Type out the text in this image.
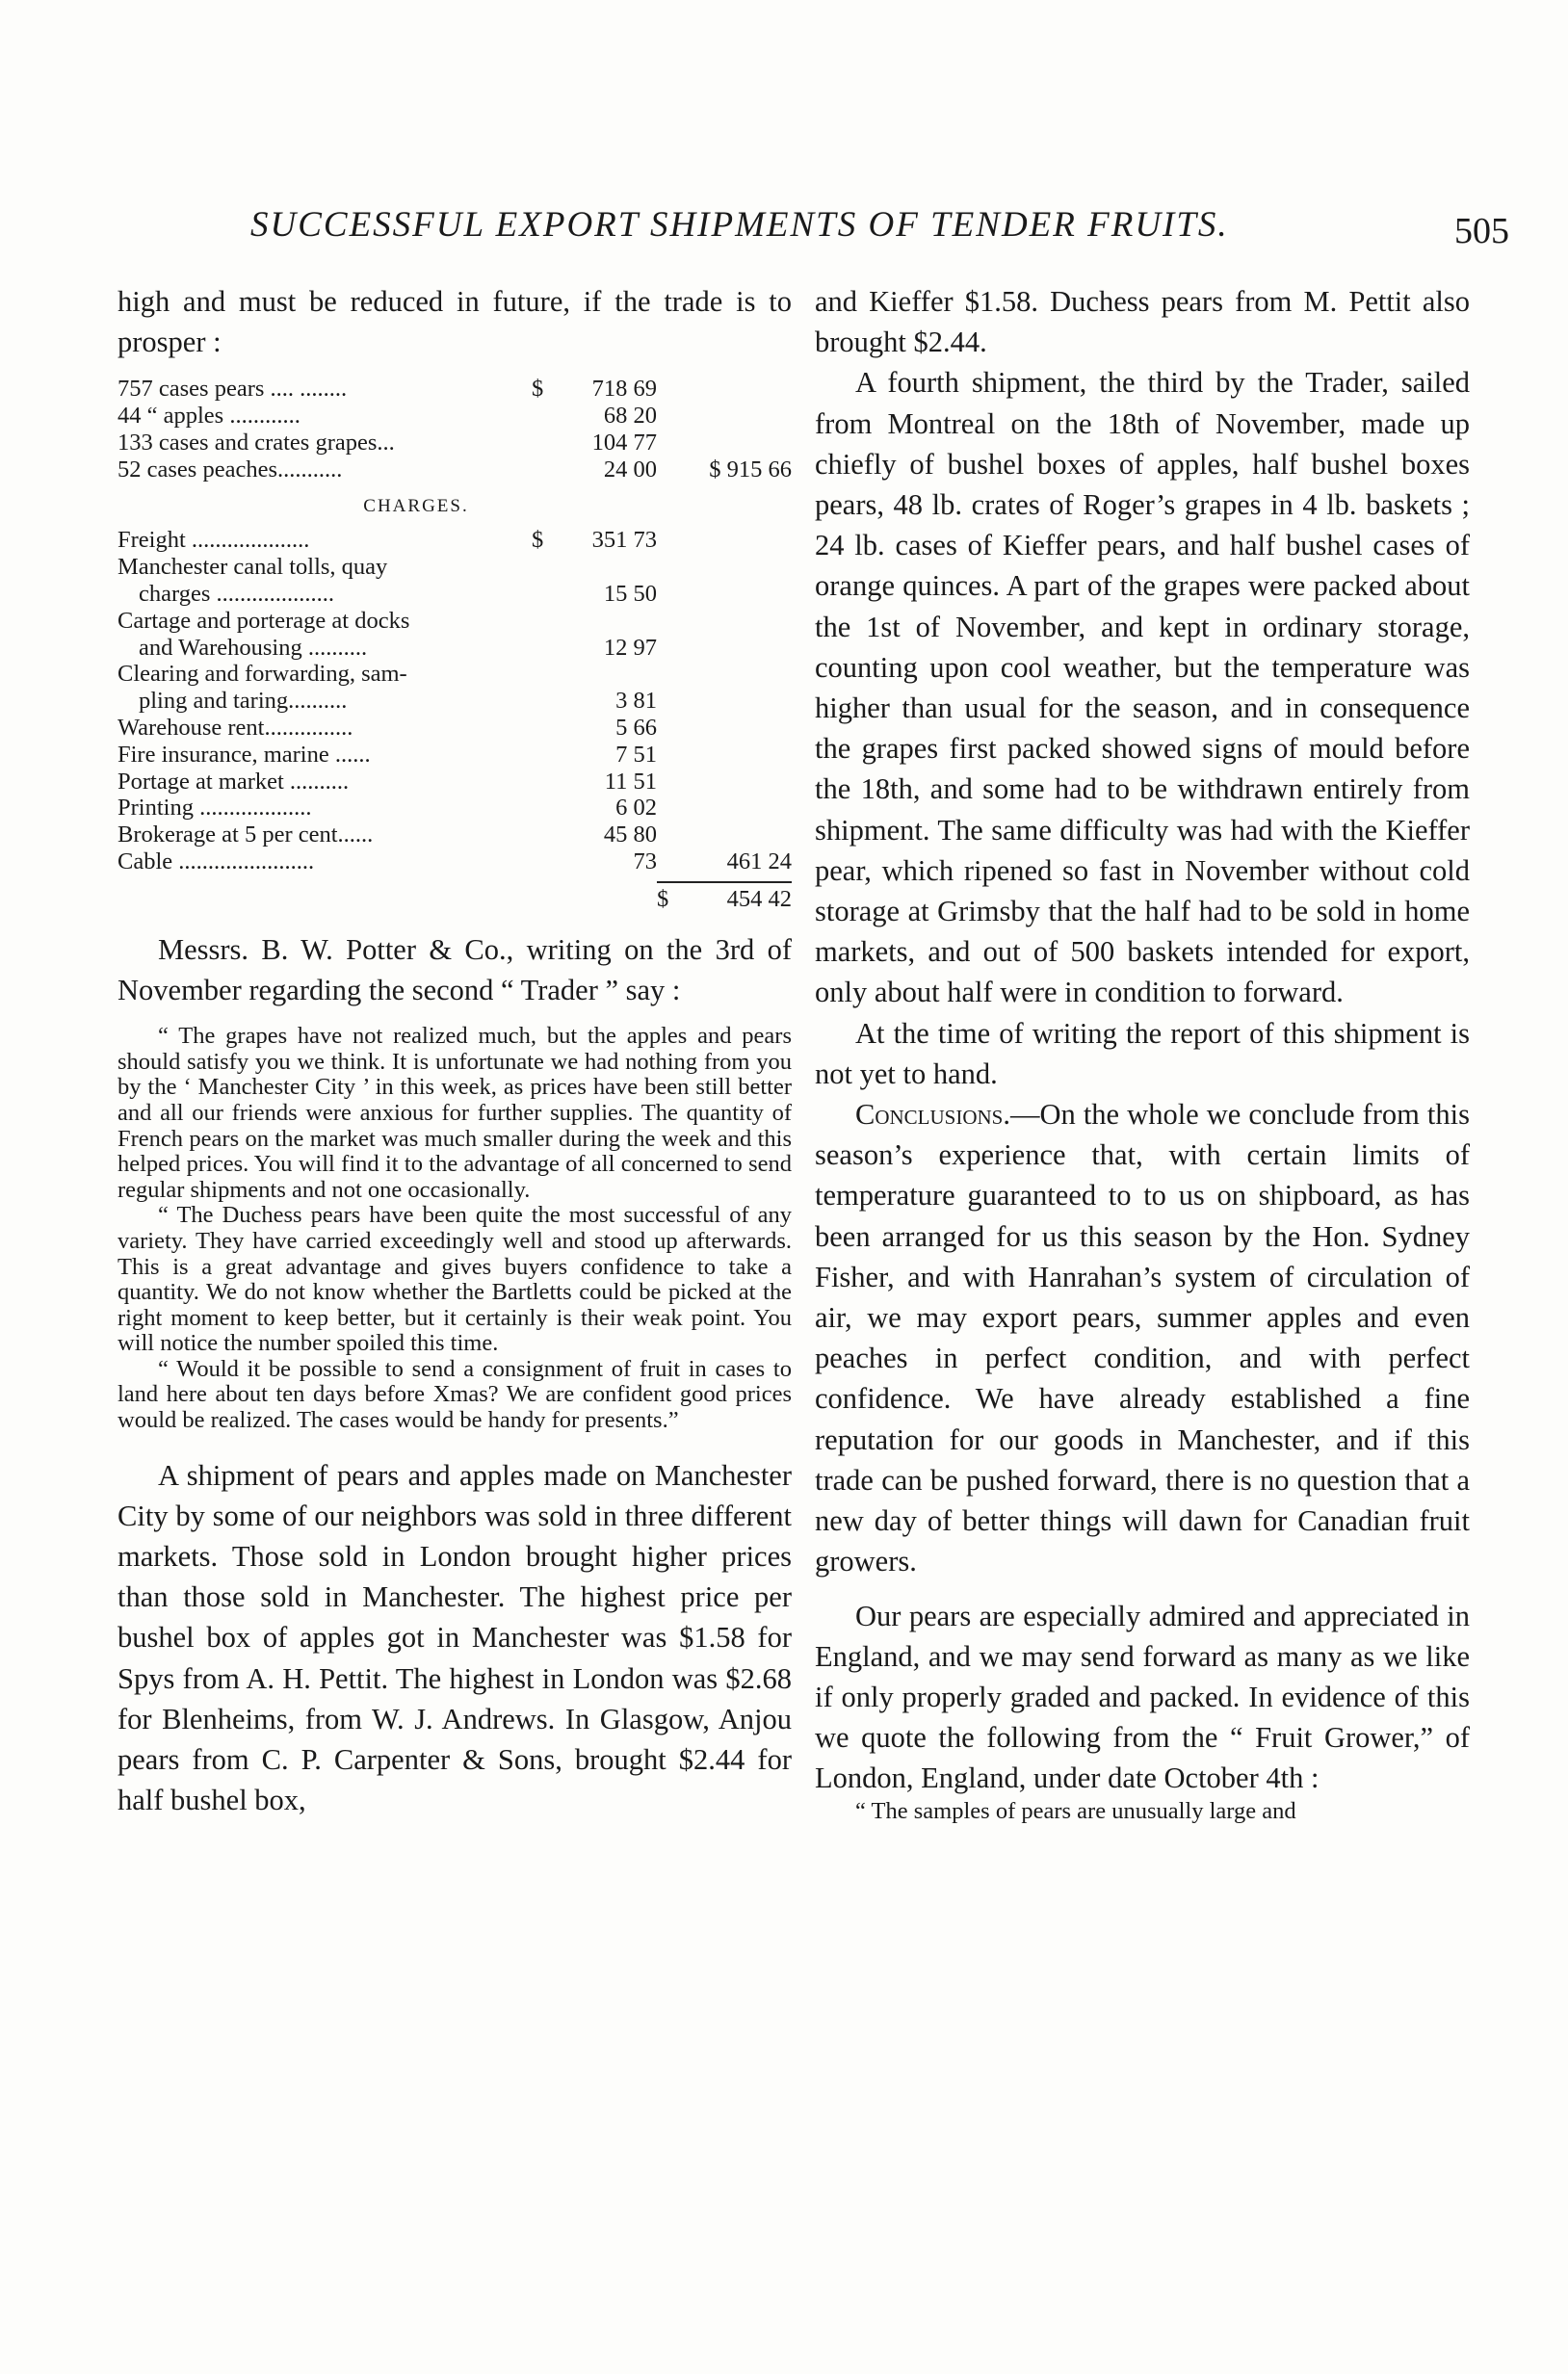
SUCCESSFUL EXPORT SHIPMENTS OF TENDER FRUITS.	505

high and must be reduced in future, if the trade is to prosper :

757 cases pears .... ........	$	718 69
44 “ apples ............	68 20
133 cases and crates grapes...	104 77
52 cases peaches...........	24 00	$ 915 66
CHARGES.
Freight ....................	$	351 73
Manchester canal tolls, quay
charges ....................	15 50
Cartage and porterage at docks
and Warehousing ..........	12 97
Clearing and forwarding, sam-
pling and taring..........	3 81
Warehouse rent...............	5 66
Fire insurance, marine ......	7 51
Portage at market ..........	11 51
Printing ...................	6 02
Brokerage at 5 per cent......	45 80
Cable .......................	73	461 24
$ 454 42

Messrs. B. W. Potter & Co., writing on the 3rd of November regarding the second “ Trader ” say :

“ The grapes have not realized much, but the apples and pears should satisfy you we think. It is unfortunate we had nothing from you by the ‘ Manchester City ’ in this week, as prices have been still better and all our friends were anxious for further supplies. The quantity of French pears on the market was much smaller during the week and this helped prices. You will find it to the advantage of all concerned to send regular shipments and not one occasionally.

“ The Duchess pears have been quite the most successful of any variety. They have carried exceedingly well and stood up afterwards. This is a great advantage and gives buyers confidence to take a quantity. We do not know whether the Bartletts could be picked at the right moment to keep better, but it certainly is their weak point. You will notice the number spoiled this time.

“ Would it be possible to send a consignment of fruit in cases to land here about ten days before Xmas? We are confident good prices would be realized. The cases would be handy for presents.”

A shipment of pears and apples made on Manchester City by some of our neighbors was sold in three different markets. Those sold in London brought higher prices than those sold in Manchester. The highest price per bushel box of apples got in Manchester was $1.58 for Spys from A. H. Pettit. The highest in London was $2.68 for Blenheims, from W. J. Andrews. In Glasgow, Anjou pears from C. P. Carpenter & Sons, brought $2.44 for half bushel box,

and Kieffer $1.58. Duchess pears from M. Pettit also brought $2.44.

A fourth shipment, the third by the Trader, sailed from Montreal on the 18th of November, made up chiefly of bushel boxes of apples, half bushel boxes pears, 48 lb. crates of Roger’s grapes in 4 lb. baskets ; 24 lb. cases of Kieffer pears, and half bushel cases of orange quinces. A part of the grapes were packed about the 1st of November, and kept in ordinary storage, counting upon cool weather, but the temperature was higher than usual for the season, and in consequence the grapes first packed showed signs of mould before the 18th, and some had to be withdrawn entirely from shipment. The same difficulty was had with the Kieffer pear, which ripened so fast in November without cold storage at Grimsby that the half had to be sold in home markets, and out of 500 baskets intended for export, only about half were in condition to forward.

At the time of writing the report of this shipment is not yet to hand.

Conclusions.—On the whole we conclude from this season’s experience that, with certain limits of temperature guaranteed to to us on shipboard, as has been arranged for us this season by the Hon. Sydney Fisher, and with Hanrahan’s system of circulation of air, we may export pears, summer apples and even peaches in perfect condition, and with perfect confidence. We have already established a fine reputation for our goods in Manchester, and if this trade can be pushed forward, there is no question that a new day of better things will dawn for Canadian fruit growers.

Our pears are especially admired and appreciated in England, and we may send forward as many as we like if only properly graded and packed. In evidence of this we quote the following from the “ Fruit Grower,” of London, England, under date October 4th :

“ The samples of pears are unusually large and
